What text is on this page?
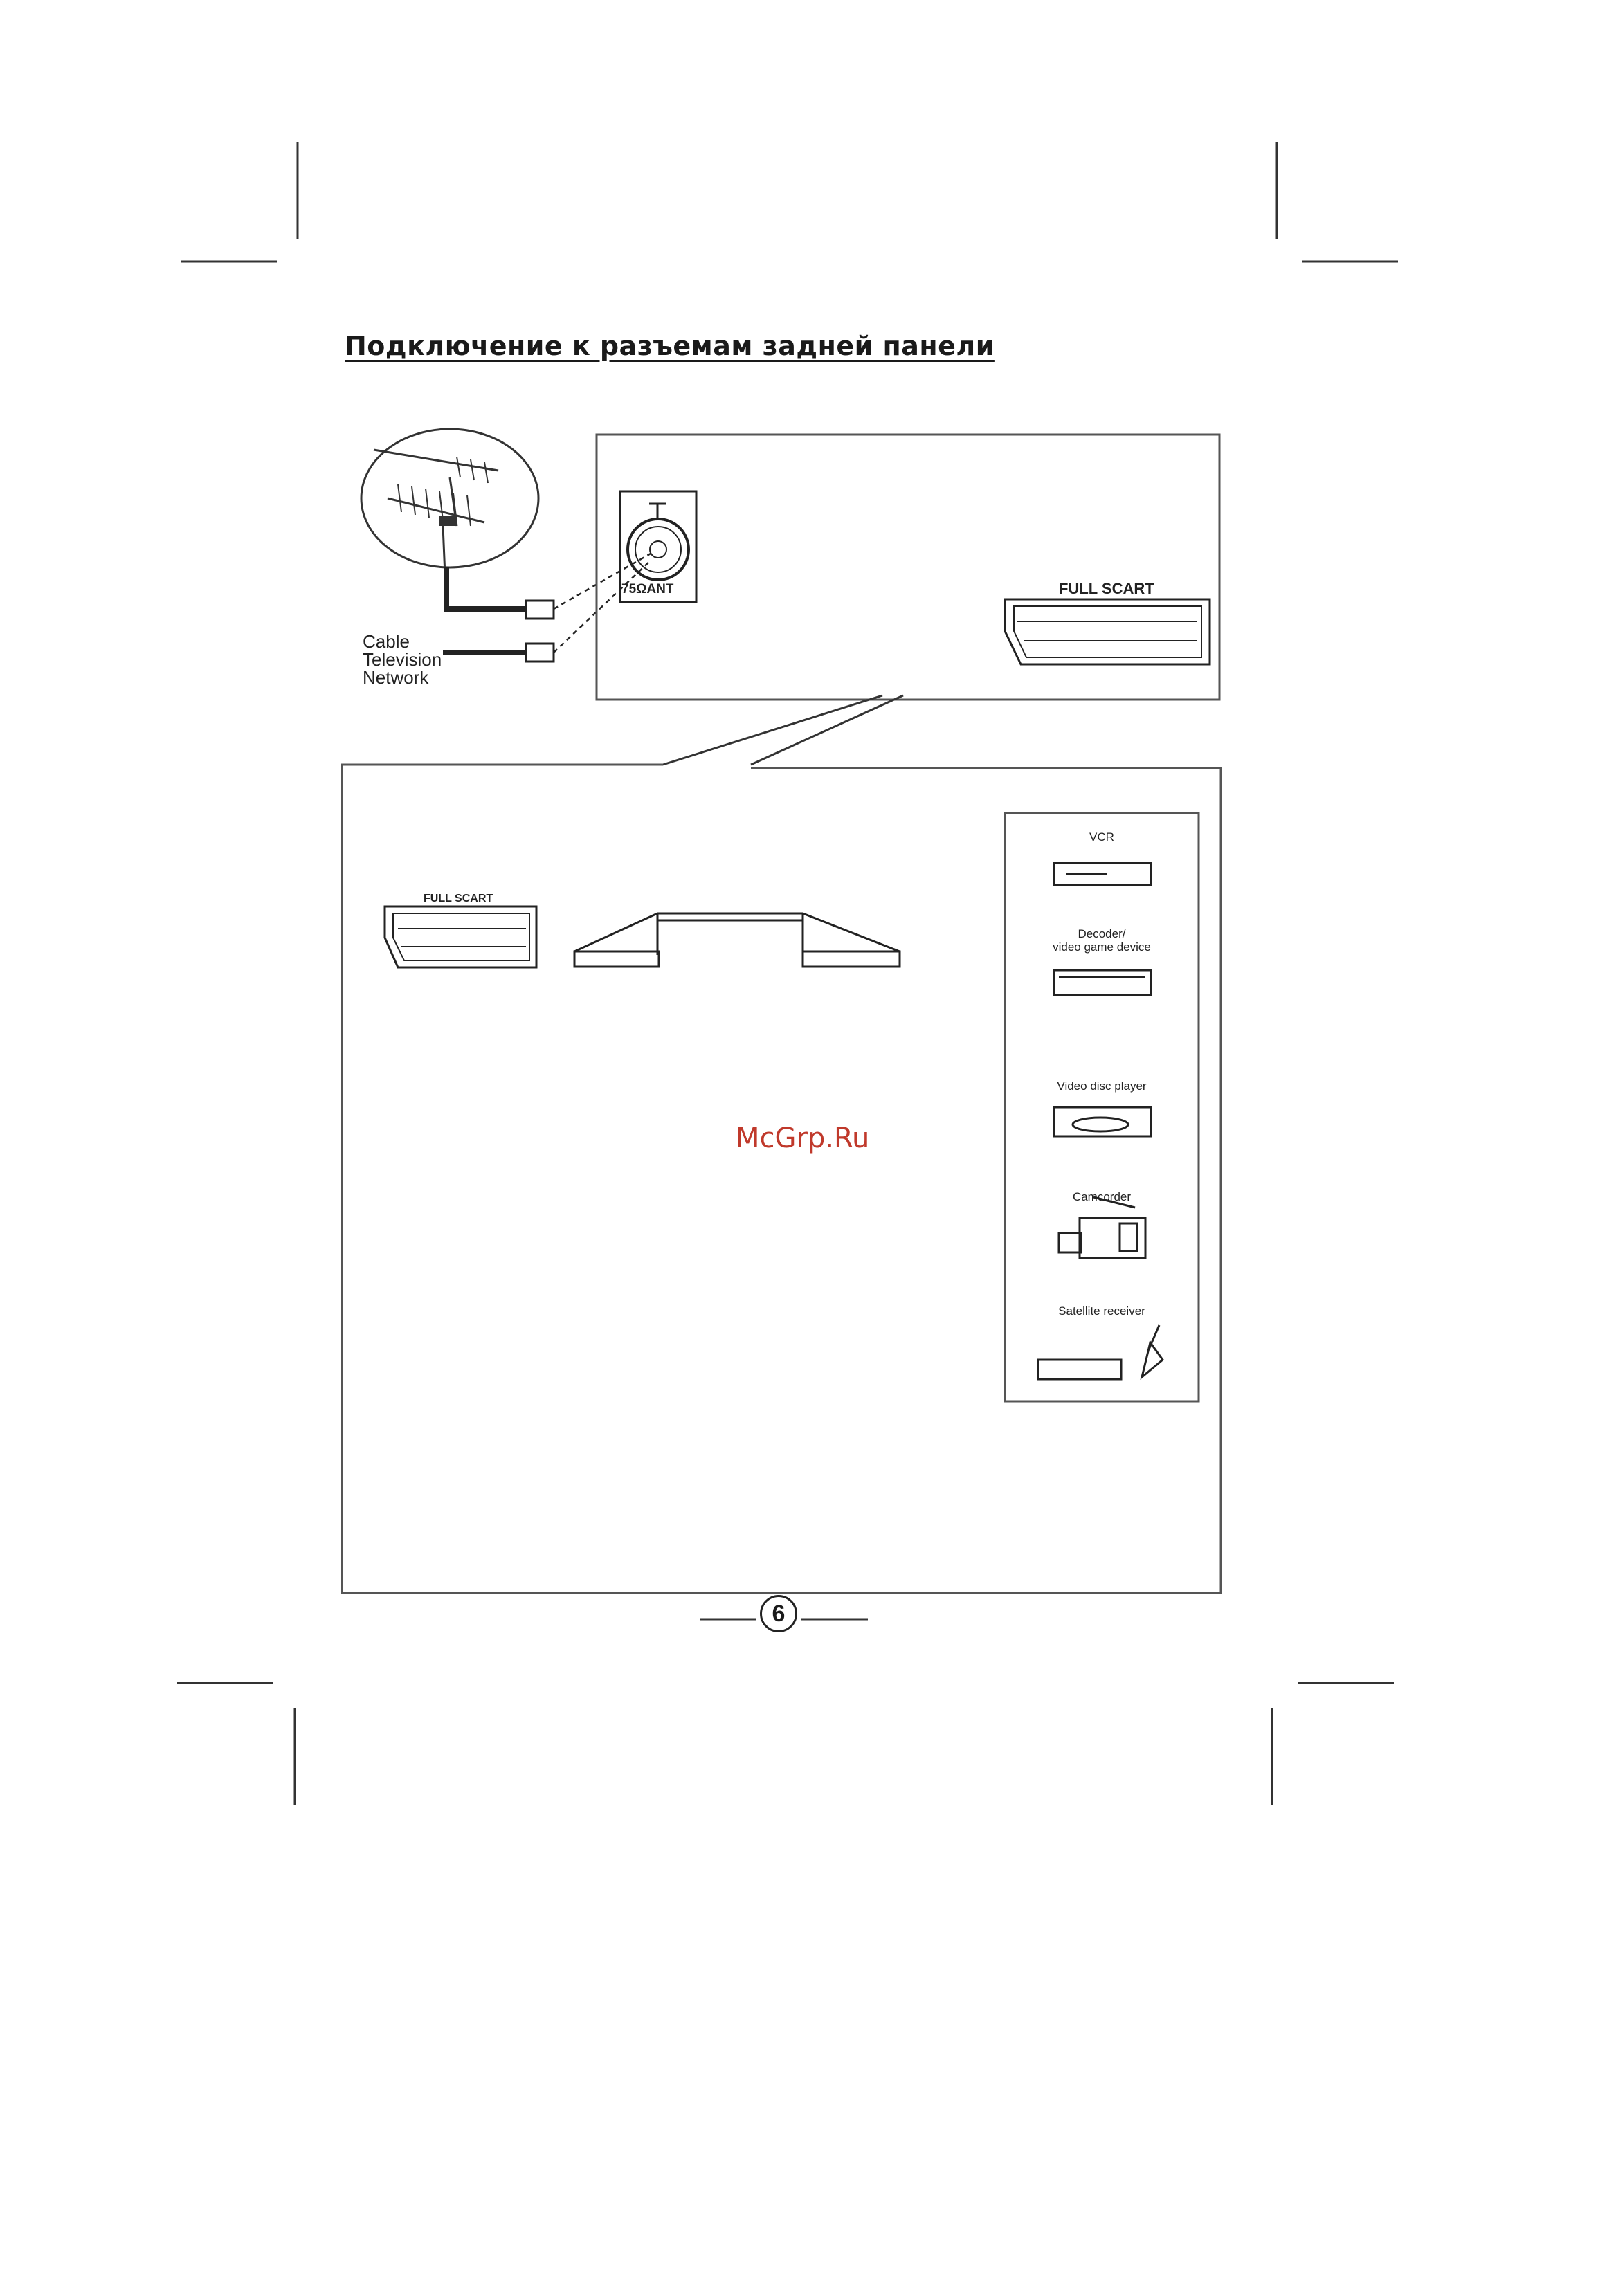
Подключение к разъемам задней панели
Cable
Television
Network
75ΩANT	FULL SCART
FULL SCART
VCR
Decoder/
video game device
Video disc player
Camcorder
Satellite receiver
McGrp.Ru
6
